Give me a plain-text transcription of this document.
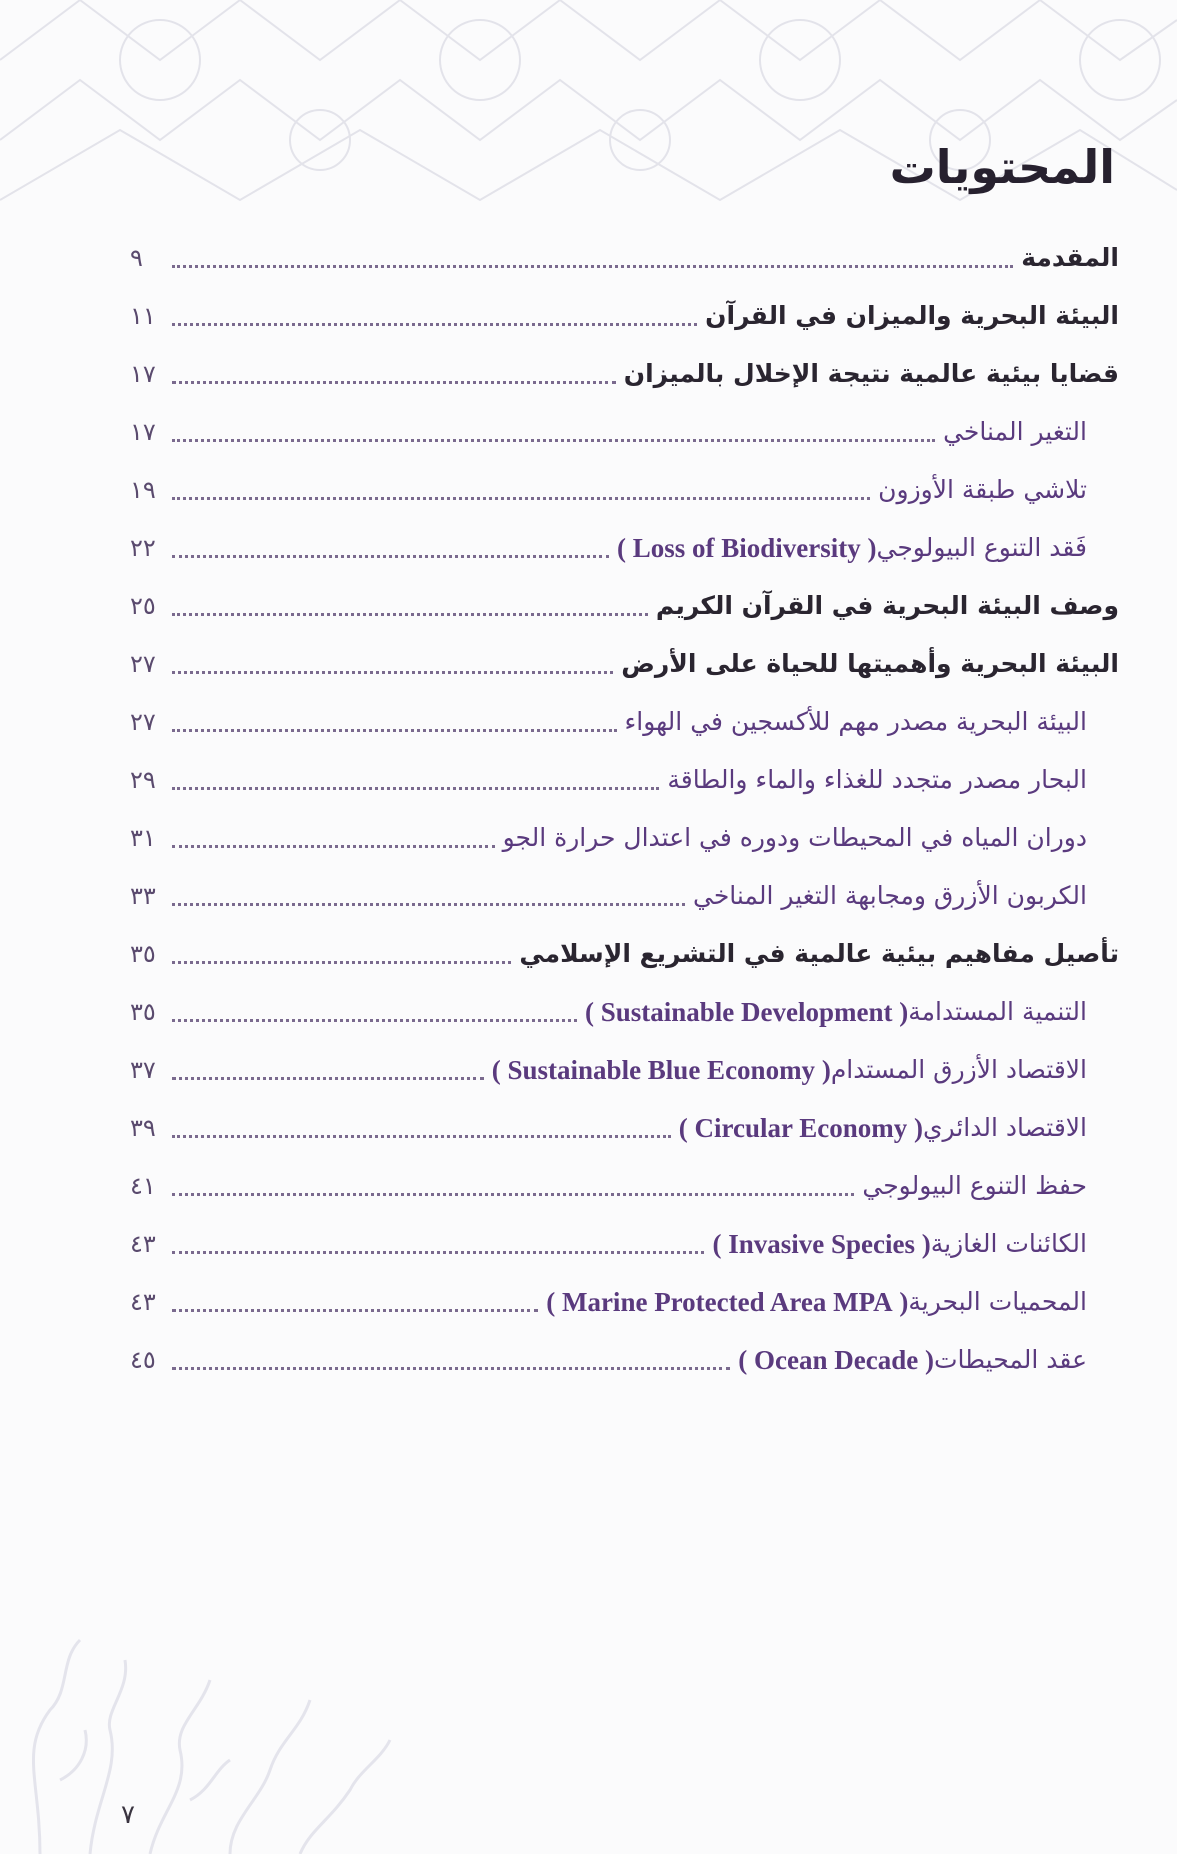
المحتويات
المقدمة
٩
البيئة البحرية والميزان في القرآن
١١
قضايا بيئية عالمية نتيجة الإخلال بالميزان
١٧
التغير المناخي
١٧
تلاشي طبقة الأوزون
١٩
فَقد التنوع البيولوجي
( Loss of Biodiversity )
٢٢
وصف البيئة البحرية في القرآن الكريم
٢٥
البيئة البحرية وأهميتها للحياة على الأرض
٢٧
البيئة البحرية مصدر مهم للأكسجين في الهواء
٢٧
البحار مصدر متجدد للغذاء والماء والطاقة
٢٩
دوران المياه في المحيطات ودوره في اعتدال حرارة الجو
٣١
الكربون الأزرق ومجابهة التغير المناخي
٣٣
تأصيل مفاهيم بيئية عالمية في التشريع الإسلامي
٣٥
التنمية المستدامة
( Sustainable Development )
٣٥
الاقتصاد الأزرق المستدام
( Sustainable Blue Economy )
٣٧
الاقتصاد الدائري
( Circular Economy )
٣٩
حفظ التنوع البيولوجي
٤١
الكائنات الغازية
( Invasive Species )
٤٣
المحميات البحرية
( Marine Protected Area MPA )
٤٣
عقد المحيطات
( Ocean Decade )
٤٥
٧
